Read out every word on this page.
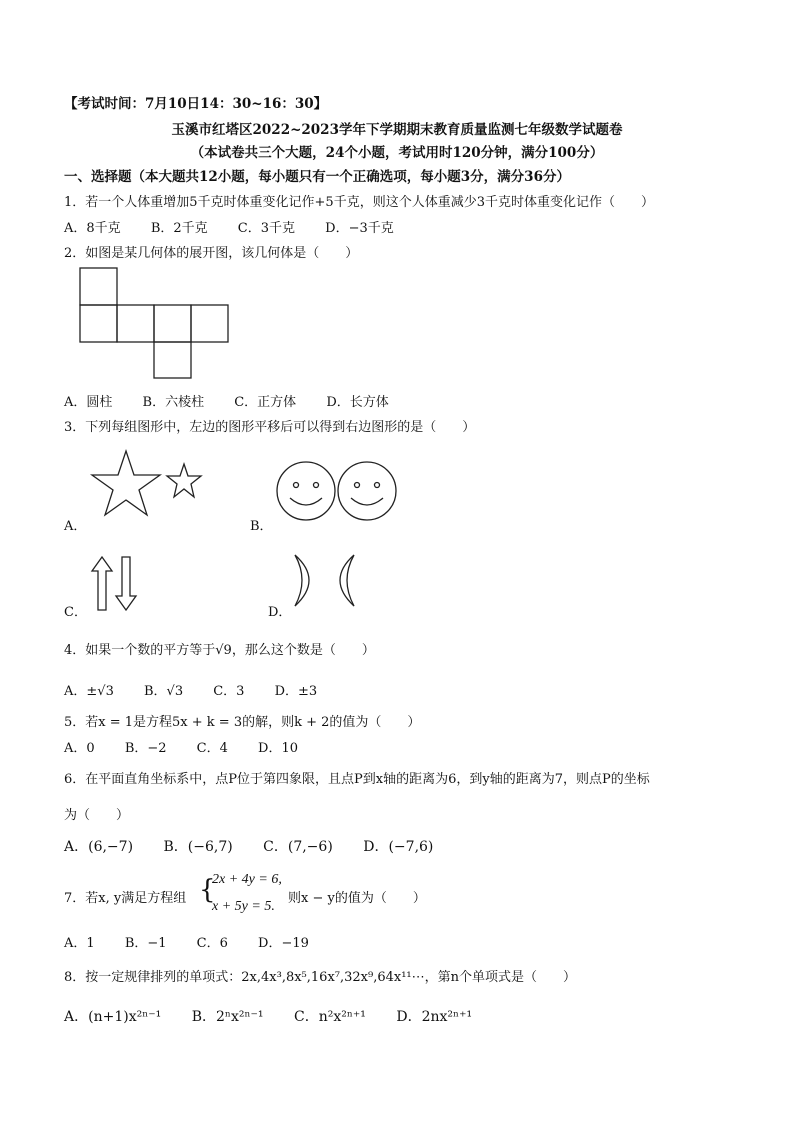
【考试时间：7月10日14：30~16：30】
玉溪市红塔区2022~2023学年下学期期末教育质量监测七年级数学试题卷
（本试卷共三个大题，24个小题，考试用时120分钟，满分100分）
一、选择题（本大题共12小题，每小题只有一个正确选项，每小题3分，满分36分）
1．若一个人体重增加5千克时体重变化记作+5千克，则这个人体重减少3千克时体重变化记作（　　）
A．8千克 B．2千克 C．3千克 D．−3千克
2．如图是某几何体的展开图，该几何体是（　　）
A．圆柱 B．六棱柱 C．正方体 D．长方体
3．下列每组图形中，左边的图形平移后可以得到右边图形的是（　　）
A．	B．
C．	D．
4．如果一个数的平方等于√9，那么这个数是（　　）
A．±√3 B．√3 C．3 D．±3
5．若x = 1是方程5x + k = 3的解，则k + 2的值为（　　）
A．0 B．−2 C．4 D．10
6．在平面直角坐标系中，点P位于第四象限，且点P到x轴的距离为6，到y轴的距离为7，则点P的坐标
为（　　）
A．(6,−7) B．(−6,7) C．(7,−6) D．(−7,6)
7．若x, y满足方程组 {
2x + 4y = 6,
x + 5y = 5.
则x − y的值为（　　）
A．1 B．−1 C．6 D．−19
8．按一定规律排列的单项式：2x,4x³,8x⁵,16x⁷,32x⁹,64x¹¹⋯，第n个单项式是（　　）
A．(n+1)x²ⁿ⁻¹ B．2ⁿx²ⁿ⁻¹ C．n²x²ⁿ⁺¹ D．2nx²ⁿ⁺¹
